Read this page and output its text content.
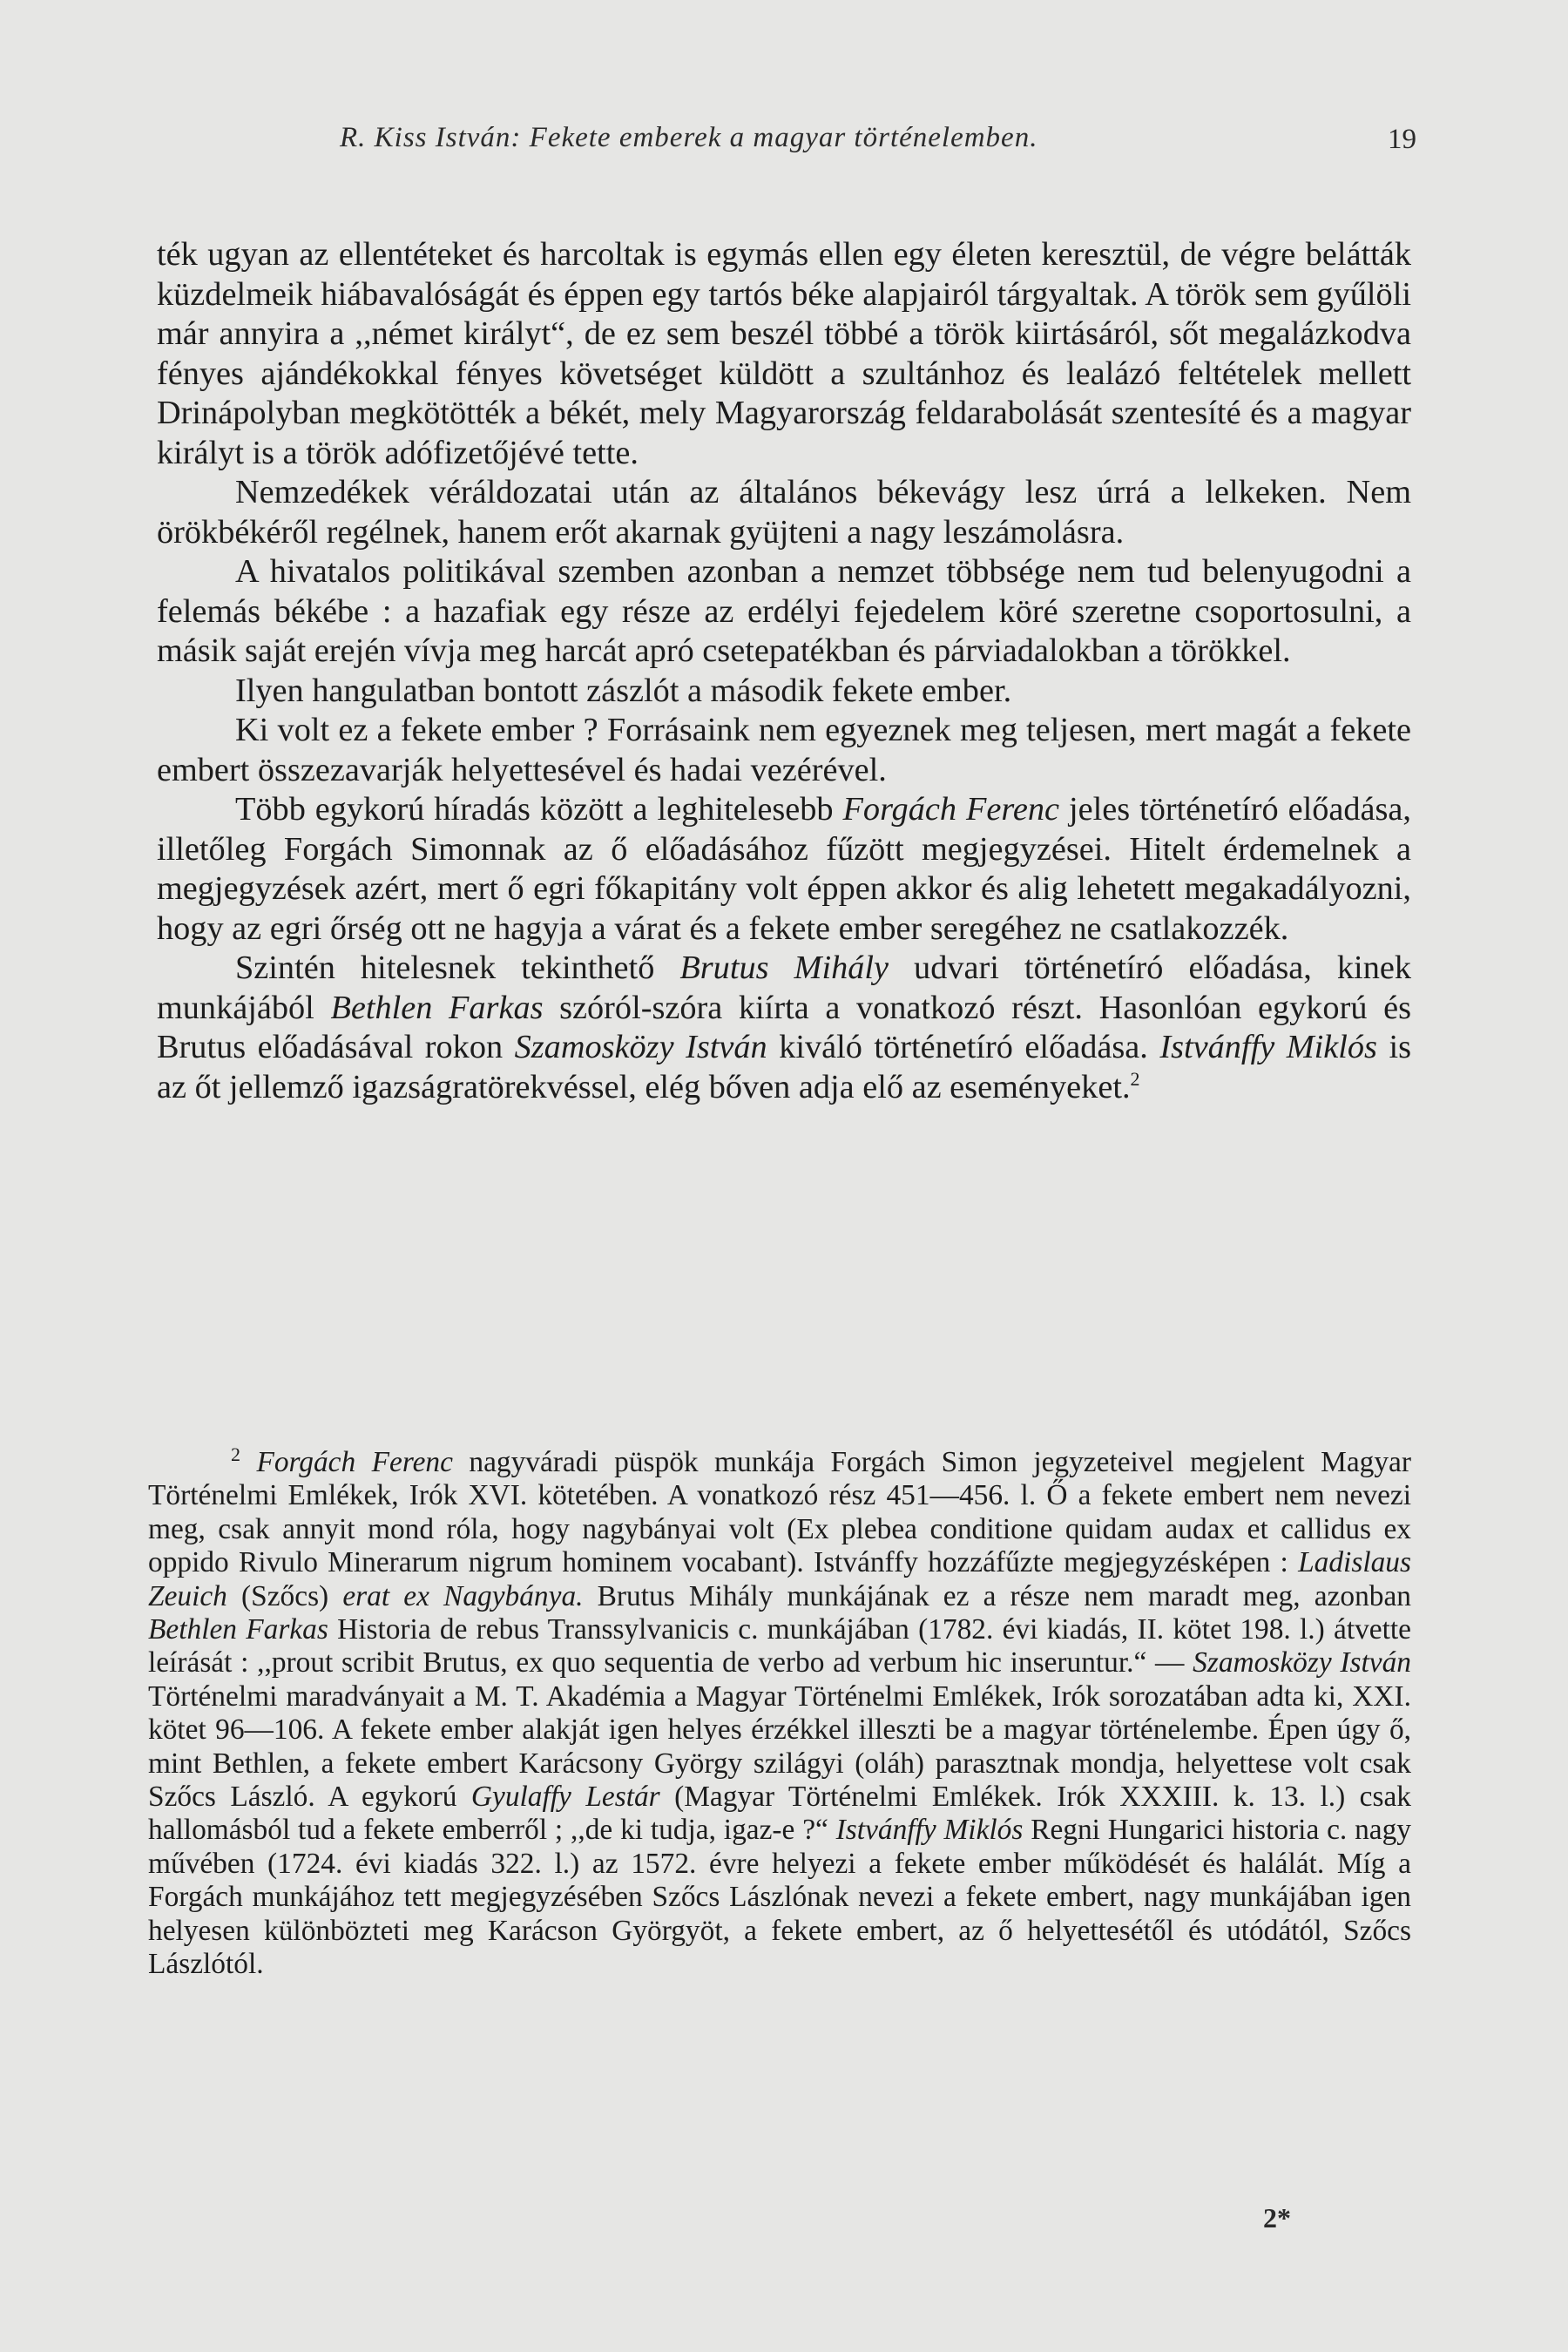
R. Kiss István: Fekete emberek a magyar történelemben.	19

ték ugyan az ellentéteket és harcoltak is egymás ellen egy életen keresztül, de végre belátták küzdelmeik hiábavalóságát és éppen egy tartós béke alapjairól tárgyaltak. A török sem gyűlöli már annyira a ,,német királyt“, de ez sem beszél többé a török kiirtásáról, sőt megalázkodva fényes ajándékokkal fényes követséget küldött a szultánhoz és lealázó feltételek mellett Drinápolyban megkötötték a békét, mely Magyarország feldarabolását szentesíté és a magyar királyt is a török adófizetőjévé tette.

Nemzedékek véráldozatai után az általános békevágy lesz úrrá a lelkeken. Nem örökbékéről regélnek, hanem erőt akarnak gyüjteni a nagy leszámolásra.

A hivatalos politikával szemben azonban a nemzet többsége nem tud belenyugodni a felemás békébe : a hazafiak egy része az erdélyi fejedelem köré szeretne csoportosulni, a másik saját erején vívja meg harcát apró csetepatékban és párviadalokban a törökkel.

Ilyen hangulatban bontott zászlót a második fekete ember.

Ki volt ez a fekete ember ? Forrásaink nem egyeznek meg teljesen, mert magát a fekete embert összezavarják helyettesével és hadai vezérével.

Több egykorú híradás között a leghitelesebb Forgách Ferenc jeles történetíró előadása, illetőleg Forgách Simonnak az ő előadásához fűzött megjegyzései. Hitelt érdemelnek a megjegyzések azért, mert ő egri főkapitány volt éppen akkor és alig lehetett megakadályozni, hogy az egri őrség ott ne hagyja a várat és a fekete ember seregéhez ne csatlakozzék.

Szintén hitelesnek tekinthető Brutus Mihály udvari történetíró előadása, kinek munkájából Bethlen Farkas szóról-szóra kiírta a vonatkozó részt. Hasonlóan egykorú és Brutus előadásával rokon Szamosközy István kiváló történetíró előadása. Istvánffy Miklós is az őt jellemző igazságratörekvéssel, elég bőven adja elő az eseményeket.$^2$

$^2$ Forgách Ferenc nagyváradi püspök munkája Forgách Simon jegyzeteivel megjelent Magyar Történelmi Emlékek, Irók XVI. kötetében. A vonatkozó rész 451—456. l. Ő a fekete embert nem nevezi meg, csak annyit mond róla, hogy nagybányai volt (Ex plebea conditione quidam audax et callidus ex oppido Rivulo Minerarum nigrum hominem vocabant). Istvánffy hozzáfűzte megjegyzésképen : Ladislaus Zeuich (Szőcs) erat ex Nagybánya. Brutus Mihály munkájának ez a része nem maradt meg, azonban Bethlen Farkas Historia de rebus Transsylvanicis c. munkájában (1782. évi kiadás, II. kötet 198. l.) átvette leírását : ,,prout scribit Brutus, ex quo sequentia de verbo ad verbum hic inseruntur.“ — Szamosközy István Történelmi maradványait a M. T. Akadémia a Magyar Történelmi Emlékek, Irók sorozatában adta ki, XXI. kötet 96—106. A fekete ember alakját igen helyes érzékkel illeszti be a magyar történelembe. Épen úgy ő, mint Bethlen, a fekete embert Karácsony György szilágyi (oláh) parasztnak mondja, helyettese volt csak Szőcs László. A egykorú Gyulaffy Lestár (Magyar Történelmi Emlékek. Irók XXXIII. k. 13. l.) csak hallomásból tud a fekete emberről ; ,,de ki tudja, igaz-e ?“ Istvánffy Miklós Regni Hungarici historia c. nagy művében (1724. évi kiadás 322. l.) az 1572. évre helyezi a fekete ember működését és halálát. Míg a Forgách munkájához tett megjegyzésében Szőcs Lászlónak nevezi a fekete embert, nagy munkájában igen helyesen különbözteti meg Karácson Györgyöt, a fekete embert, az ő helyettesétől és utódától, Szőcs Lászlótól.

2*
